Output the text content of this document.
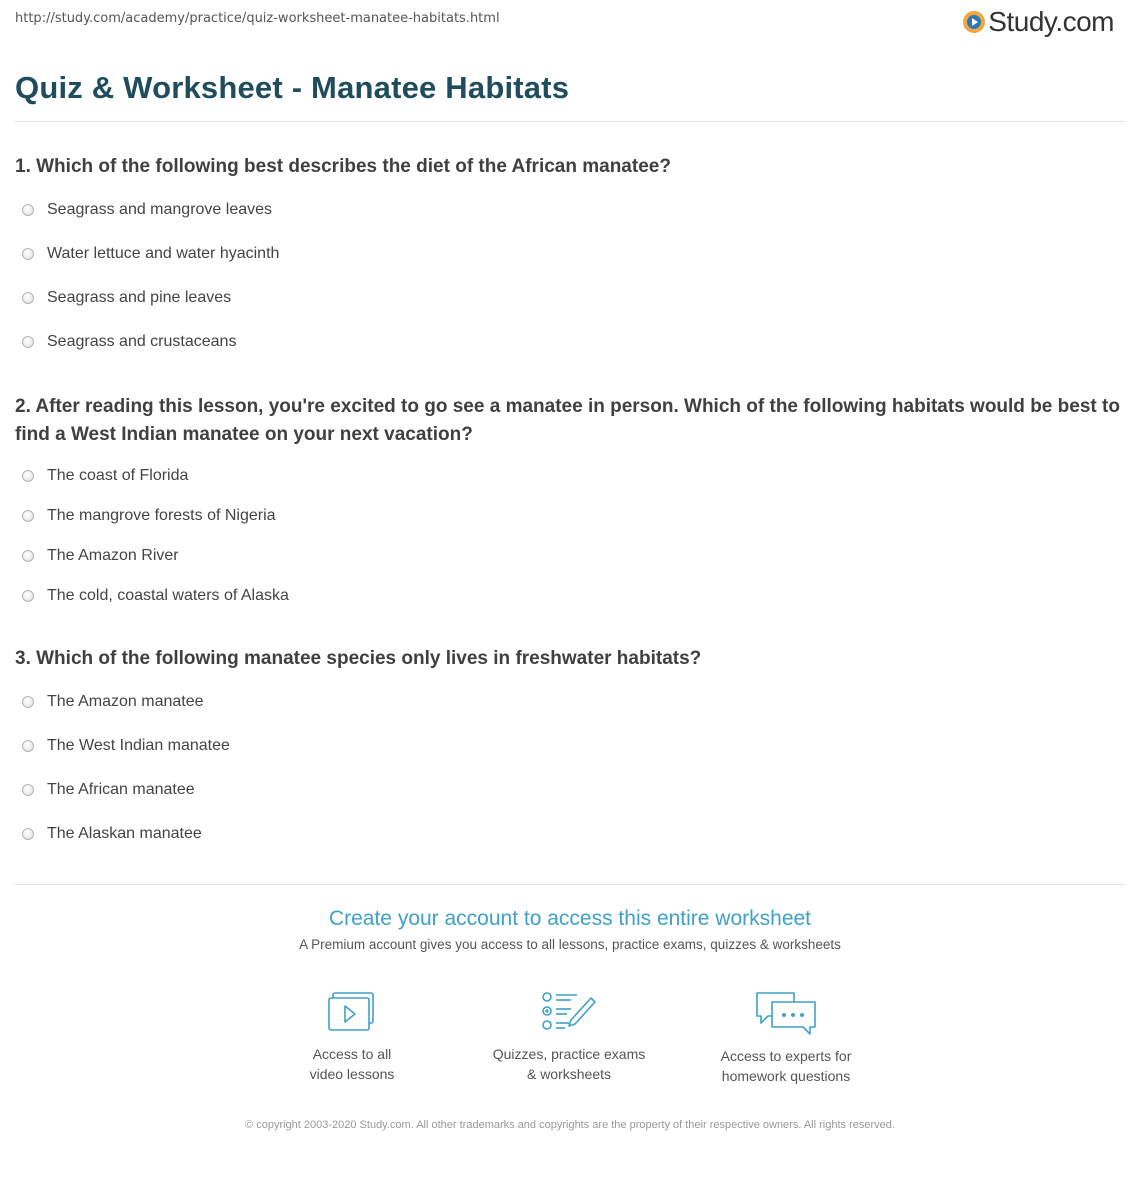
http://study.com/academy/practice/quiz-worksheet-manatee-habitats.html	Study.com
Quiz & Worksheet - Manatee Habitats
1. Which of the following best describes the diet of the African manatee?
Seagrass and mangrove leaves
Water lettuce and water hyacinth
Seagrass and pine leaves
Seagrass and crustaceans
2. After reading this lesson, you're excited to go see a manatee in person. Which of the following habitats would be best to find a West Indian manatee on your next vacation?
The coast of Florida
The mangrove forests of Nigeria
The Amazon River
The cold, coastal waters of Alaska
3. Which of the following manatee species only lives in freshwater habitats?
The Amazon manatee
The West Indian manatee
The African manatee
The Alaskan manatee
Create your account to access this entire worksheet
A Premium account gives you access to all lessons, practice exams, quizzes & worksheets
Access to all
video lessons
Quizzes, practice exams
& worksheets
Access to experts for
homework questions
© copyright 2003-2020 Study.com. All other trademarks and copyrights are the property of their respective owners. All rights reserved.
